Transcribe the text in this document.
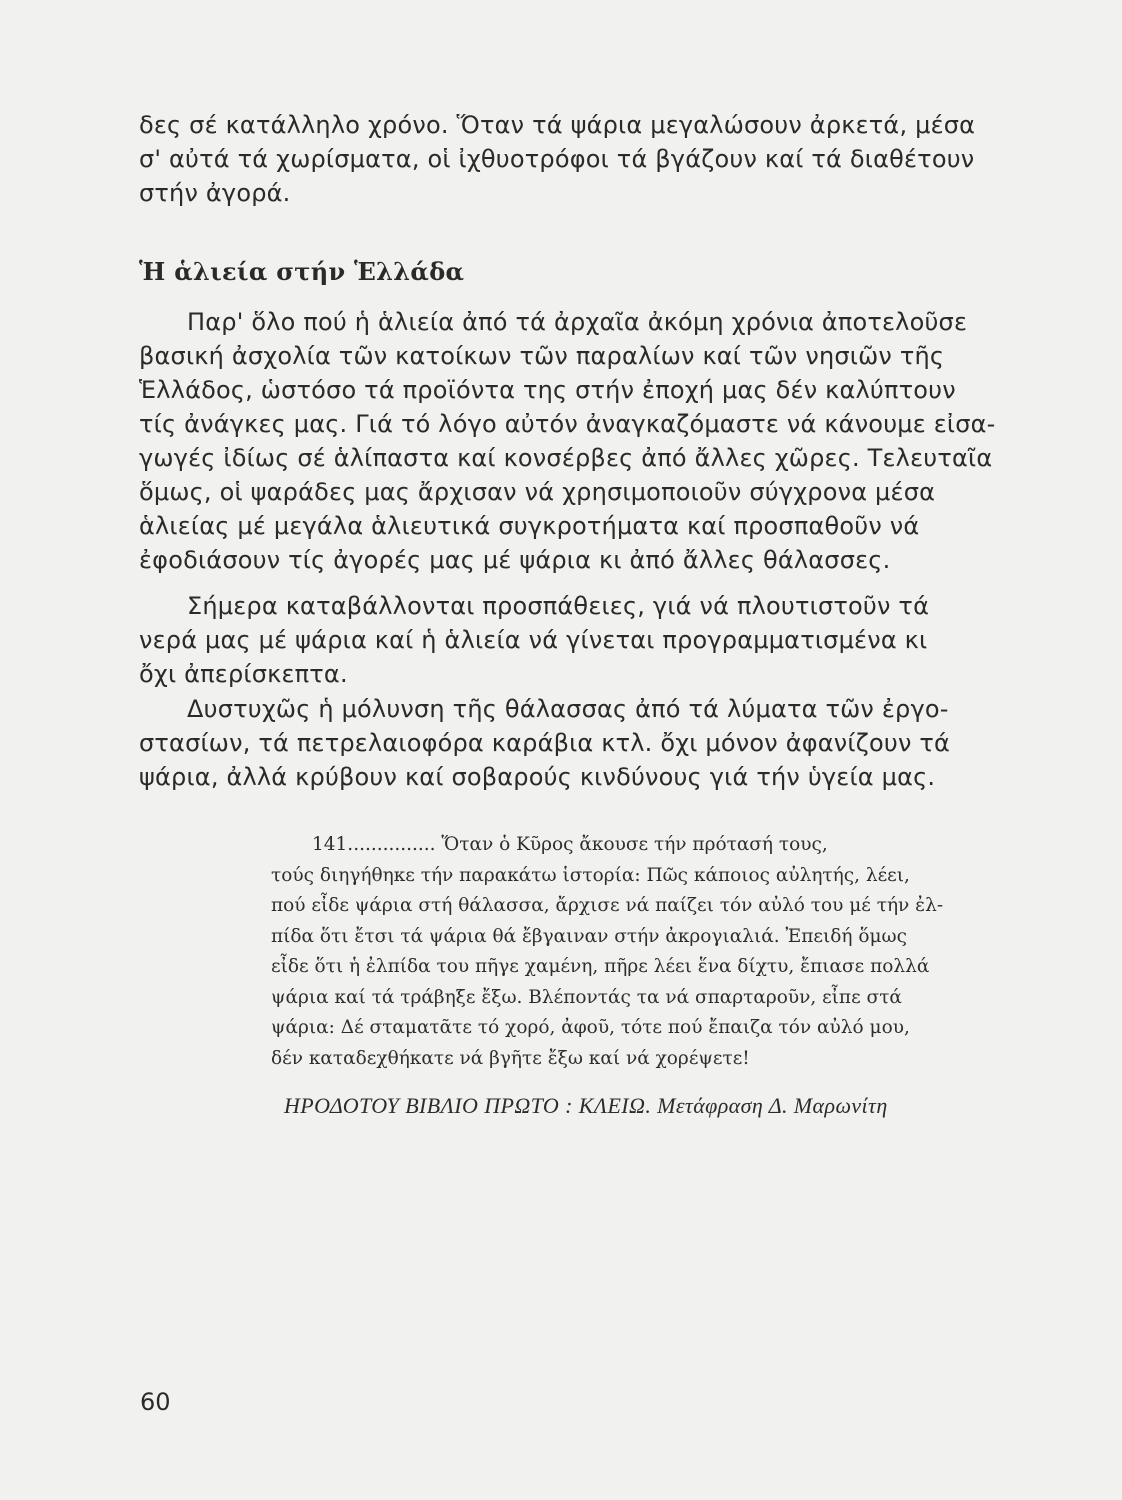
δες σέ κατάλληλο χρόνο. Ὅταν τά ψάρια μεγαλώσουν ἀρκετά, μέσα
σ' αὐτά τά χωρίσματα, οἱ ἰχθυοτρόφοι τά βγάζουν καί τά διαθέτουν
στήν ἀγορά.
Ἡ ἁλιεία στήν Ἑλλάδα
Παρ' ὅλο πού ἡ ἁλιεία ἀπό τά ἀρχαῖα ἀκόμη χρόνια ἀποτελοῦσε
βασική ἀσχολία τῶν κατοίκων τῶν παραλίων καί τῶν νησιῶν τῆς
Ἑλλάδος, ὡστόσο τά προϊόντα της στήν ἐποχή μας δέν καλύπτουν
τίς ἀνάγκες μας. Γιά τό λόγο αὐτόν ἀναγκαζόμαστε νά κάνουμε εἰσα-
γωγές ἰδίως σέ ἁλίπαστα καί κονσέρβες ἀπό ἄλλες χῶρες. Τελευταῖα
ὅμως, οἱ ψαράδες μας ἄρχισαν νά χρησιμοποιοῦν σύγχρονα μέσα
ἁλιείας μέ μεγάλα ἁλιευτικά συγκροτήματα καί προσπαθοῦν νά
ἐφοδιάσουν τίς ἀγορές μας μέ ψάρια κι ἀπό ἄλλες θάλασσες.
Σήμερα καταβάλλονται προσπάθειες, γιά νά πλουτιστοῦν τά
νερά μας μέ ψάρια καί ἡ ἁλιεία νά γίνεται προγραμματισμένα κι
ὄχι ἀπερίσκεπτα.
Δυστυχῶς ἡ μόλυνση τῆς θάλασσας ἀπό τά λύματα τῶν ἐργο-
στασίων, τά πετρελαιοφόρα καράβια κτλ. ὄχι μόνον ἀφανίζουν τά
ψάρια, ἀλλά κρύβουν καί σοβαρούς κινδύνους γιά τήν ὑγεία μας.
141............... Ὅταν ὁ Κῦρος ἄκουσε τήν πρότασή τους,
τούς διηγήθηκε τήν παρακάτω ἱστορία: Πῶς κάποιος αὐλητής, λέει,
πού εἶδε ψάρια στή θάλασσα, ἄρχισε νά παίζει τόν αὐλό του μέ τήν ἐλ-
πίδα ὅτι ἔτσι τά ψάρια θά ἔβγαιναν στήν ἀκρογιαλιά. Ἐπειδή ὅμως
εἶδε ὅτι ἡ ἐλπίδα του πῆγε χαμένη, πῆρε λέει ἕνα δίχτυ, ἔπιασε πολλά
ψάρια καί τά τράβηξε ἔξω. Βλέποντάς τα νά σπαρταροῦν, εἶπε στά
ψάρια: Δέ σταματᾶτε τό χορό, ἀφοῦ, τότε πού ἔπαιζα τόν αὐλό μου,
δέν καταδεχθήκατε νά βγῆτε ἔξω καί νά χορέψετε!
ΗΡΟΔΟΤΟΥ ΒΙΒΛΙΟ ΠΡΩΤΟ : ΚΛΕΙΩ. Μετάφραση Δ. Μαρωνίτη
60
